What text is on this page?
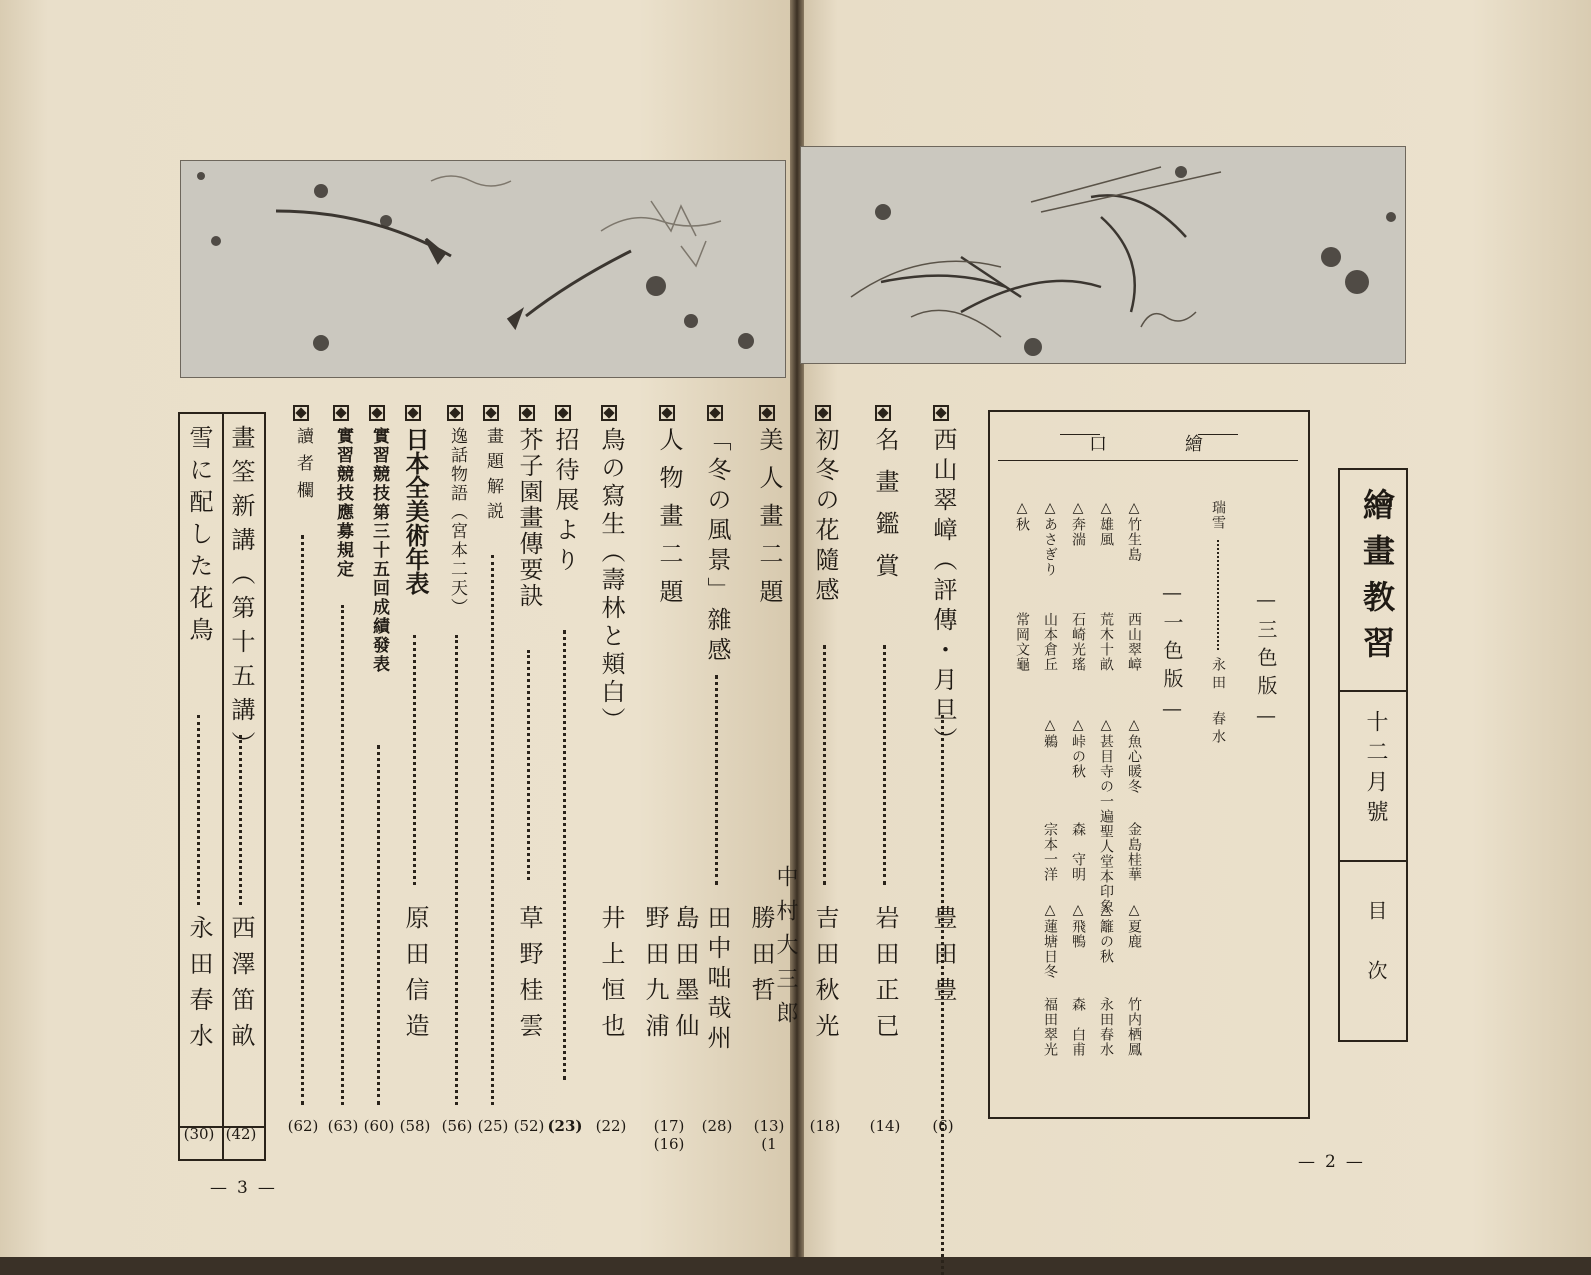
繪畫教習
十二月號
目次
口　　　繪
—三色版—
瑞雪
永田　春水
—一色版—
△竹生島
西山翠嶂
△魚心暖冬
金島桂華
△夏鹿
竹内栖鳳
△雄風
荒木十畝
△甚目寺の一遍聖人堂本印象
△籬の秋
永田春水
△奔湍
石崎光瑤
△峠の秋
森　守明
△飛鴨
森　白甫
△あさぎり
山本倉丘
△鵜
宗本一洋
△蓮塘日冬
福田翠光
△秋
常岡文龜
西山翠嶂（評傳・月旦）
豊田豊
(6)
名畫鑑賞
岩田正已
(14)
初冬の花隨感
吉田秋光
(18)
美人畫二題
中村大三郎
勝田哲
(13)(1
「冬の風景」雜感
田中咄哉州
(28)
人物畫二題
島田墨仙
野田九浦
(17)(16)
鳥の寫生（壽林と頬白）
井上恒也
(22)
招待展より
(23)
芥子園畫傳要訣
草野桂雲
(52)
畫題解説
(25)
逸話物語（宮本二天）
(56)
日本全美術年表
原田信造
(58)
實習競技第三十五回成績發表
(60)
實習競技應募規定
(63)
讀者欄
(62)
畫筌新講（第十五講）
西澤笛畝
(42)
雪に配した花鳥
永田春水
(30)
— 3 —
— 2 —
